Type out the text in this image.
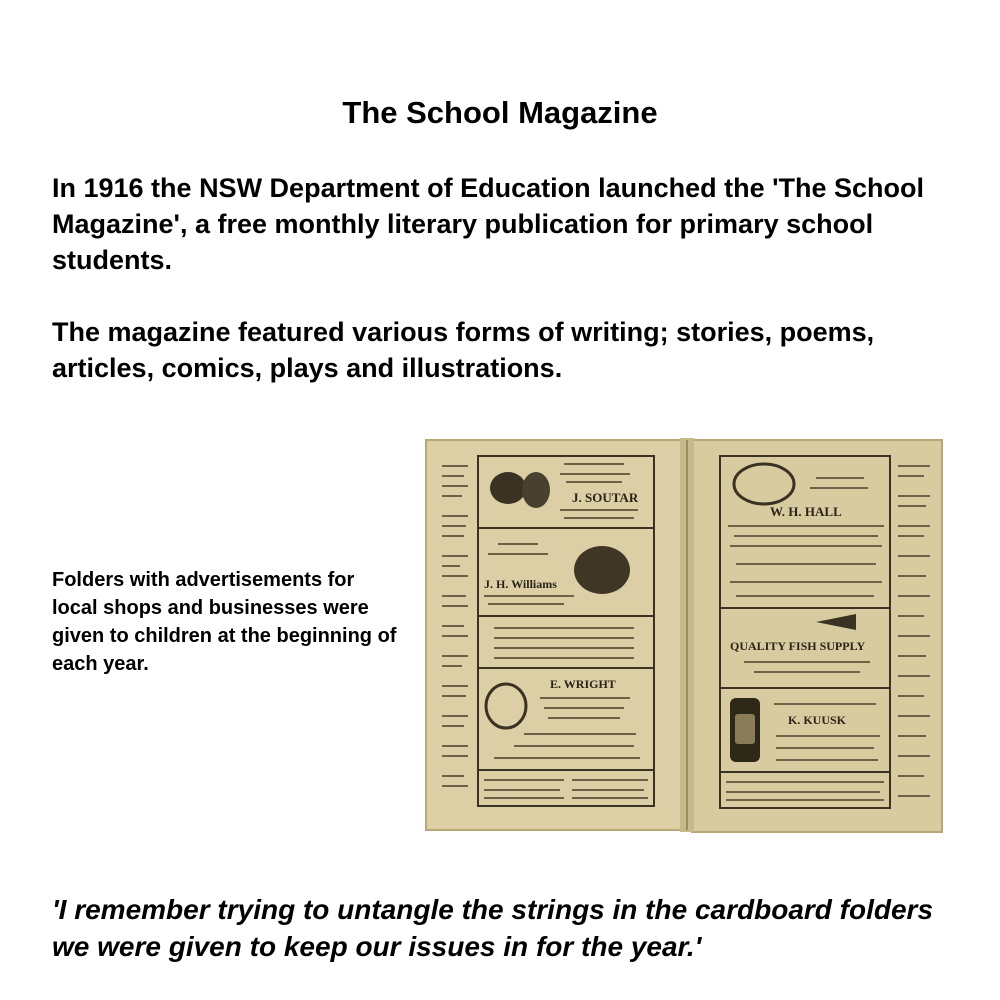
The School Magazine
In 1916 the NSW Department of Education launched the 'The School Magazine', a free monthly literary publication for primary school students.
The magazine featured various forms of writing; stories, poems, articles, comics, plays and illustrations.
Folders with advertisements for local shops and businesses were given to children at the beginning of each year.
J. SOUTAR
J. H. Williams
E. WRIGHT
W. H. HALL
QUALITY FISH SUPPLY
K. KUUSK
'I remember trying to untangle the strings in the cardboard folders we were given to keep our issues in for the year.'
